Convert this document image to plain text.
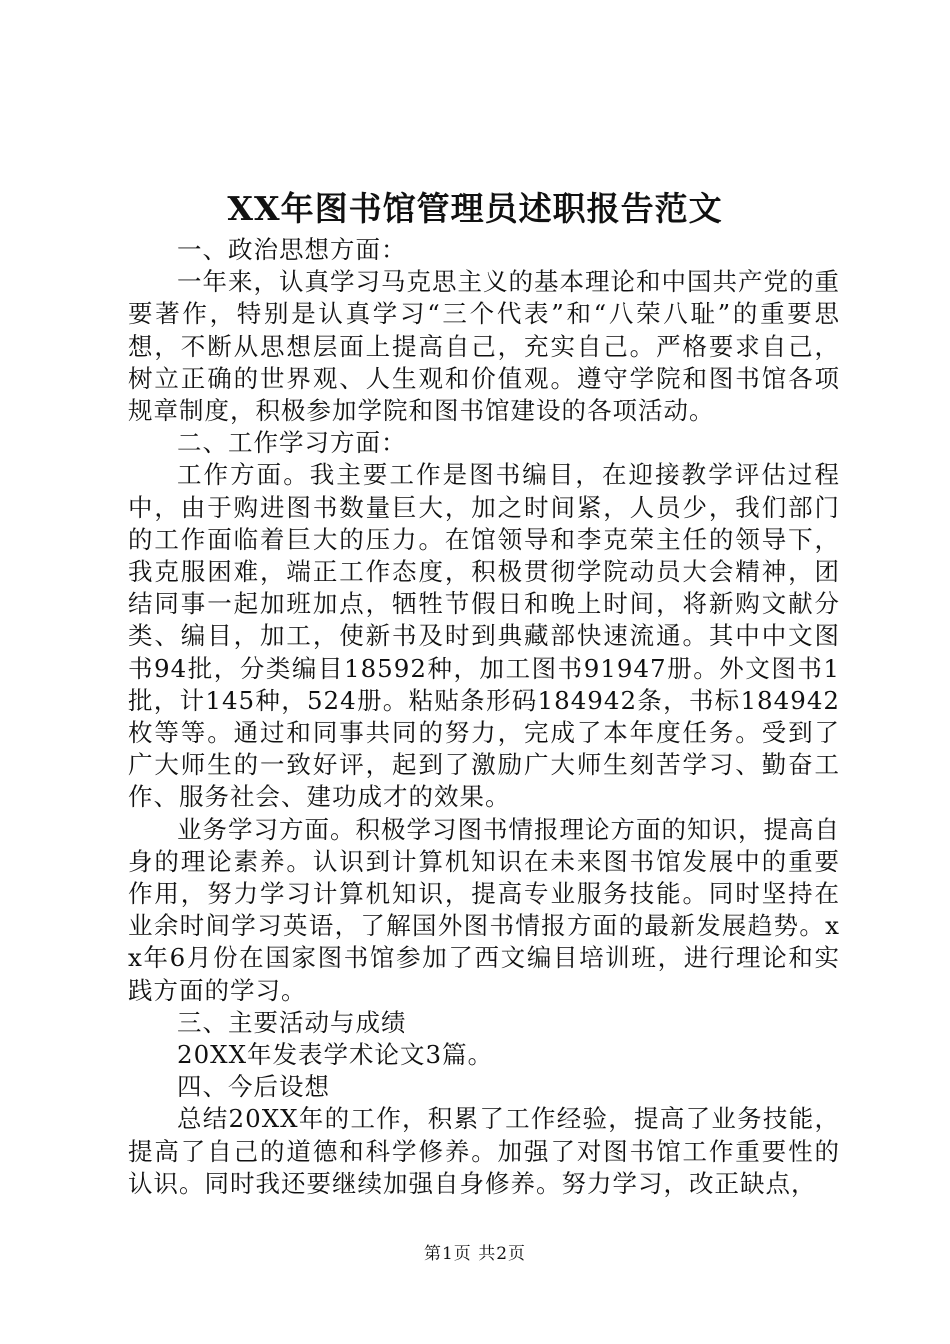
XX年图书馆管理员述职报告范文

一、政治思想方面：

一年来，认真学习马克思主义的基本理论和中国共产党的重要著作，特别是认真学习“三个代表”和“八荣八耻”的重要思想，不断从思想层面上提高自己，充实自己。严格要求自己，树立正确的世界观、人生观和价值观。遵守学院和图书馆各项规章制度，积极参加学院和图书馆建设的各项活动。

二、工作学习方面：

工作方面。我主要工作是图书编目，在迎接教学评估过程中，由于购进图书数量巨大，加之时间紧，人员少，我们部门的工作面临着巨大的压力。在馆领导和李克荣主任的领导下，我克服困难，端正工作态度，积极贯彻学院动员大会精神，团结同事一起加班加点，牺牲节假日和晚上时间，将新购文献分类、编目，加工，使新书及时到典藏部快速流通。其中中文图书94批，分类编目18592种，加工图书91947册。外文图书1批，计145种，524册。粘贴条形码184942条，书标184942枚等等。通过和同事共同的努力，完成了本年度任务。受到了广大师生的一致好评，起到了激励广大师生刻苦学习、勤奋工作、服务社会、建功成才的效果。

业务学习方面。积极学习图书情报理论方面的知识，提高自身的理论素养。认识到计算机知识在未来图书馆发展中的重要作用，努力学习计算机知识，提高专业服务技能。同时坚持在业余时间学习英语，了解国外图书情报方面的最新发展趋势。xx年6月份在国家图书馆参加了西文编目培训班，进行理论和实践方面的学习。

三、主要活动与成绩

20XX年发表学术论文3篇。

四、今后设想

总结20XX年的工作，积累了工作经验，提高了业务技能，提高了自己的道德和科学修养。加强了对图书馆工作重要性的认识。同时我还要继续加强自身修养。努力学习，改正缺点，

第1页 共2页
